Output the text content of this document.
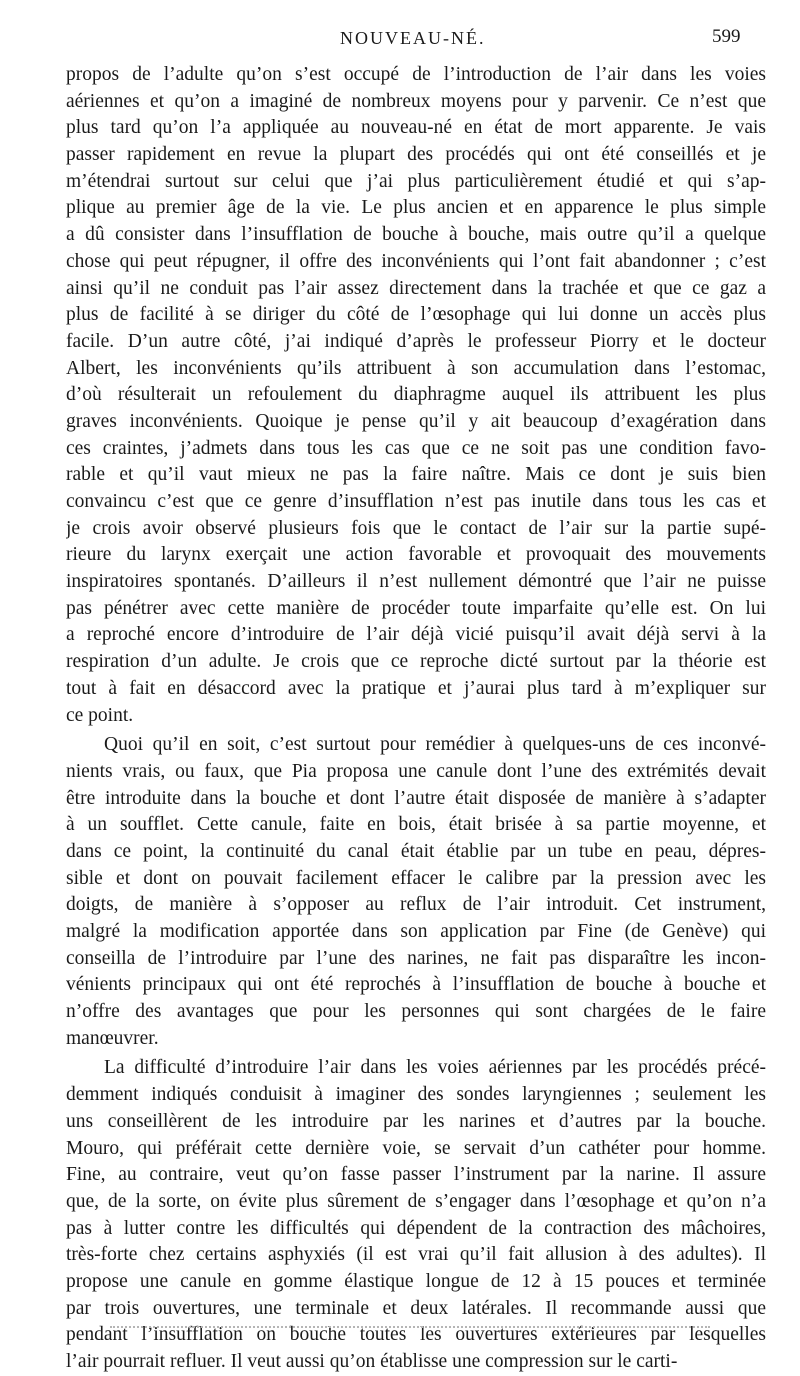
NOUVEAU-NÉ.	599
propos de l’adulte qu’on s’est occupé de l’introduction de l’air dans les voies
aériennes et qu’on a imaginé de nombreux moyens pour y parvenir. Ce n’est que
plus tard qu’on l’a appliquée au nouveau-né en état de mort apparente. Je vais
passer rapidement en revue la plupart des procédés qui ont été conseillés et je
m’étendrai surtout sur celui que j’ai plus particulièrement étudié et qui s’ap-
plique au premier âge de la vie. Le plus ancien et en apparence le plus simple
a dû consister dans l’insufflation de bouche à bouche, mais outre qu’il a quelque
chose qui peut répugner, il offre des inconvénients qui l’ont fait abandonner ; c’est
ainsi qu’il ne conduit pas l’air assez directement dans la trachée et que ce gaz a
plus de facilité à se diriger du côté de l’œsophage qui lui donne un accès plus
facile. D’un autre côté, j’ai indiqué d’après le professeur Piorry et le docteur
Albert, les inconvénients qu’ils attribuent à son accumulation dans l’estomac,
d’où résulterait un refoulement du diaphragme auquel ils attribuent les plus
graves inconvénients. Quoique je pense qu’il y ait beaucoup d’exagération dans
ces craintes, j’admets dans tous les cas que ce ne soit pas une condition favo-
rable et qu’il vaut mieux ne pas la faire naître. Mais ce dont je suis bien
convaincu c’est que ce genre d’insufflation n’est pas inutile dans tous les cas et
je crois avoir observé plusieurs fois que le contact de l’air sur la partie supé-
rieure du larynx exerçait une action favorable et provoquait des mouvements
inspiratoires spontanés. D’ailleurs il n’est nullement démontré que l’air ne puisse
pas pénétrer avec cette manière de procéder toute imparfaite qu’elle est. On lui
a reproché encore d’introduire de l’air déjà vicié puisqu’il avait déjà servi à la
respiration d’un adulte. Je crois que ce reproche dicté surtout par la théorie est
tout à fait en désaccord avec la pratique et j’aurai plus tard à m’expliquer sur
ce point.
Quoi qu’il en soit, c’est surtout pour remédier à quelques-uns de ces inconvé-
nients vrais, ou faux, que Pia proposa une canule dont l’une des extrémités devait
être introduite dans la bouche et dont l’autre était disposée de manière à s’adapter
à un soufflet. Cette canule, faite en bois, était brisée à sa partie moyenne, et
dans ce point, la continuité du canal était établie par un tube en peau, dépres-
sible et dont on pouvait facilement effacer le calibre par la pression avec les
doigts, de manière à s’opposer au reflux de l’air introduit. Cet instrument,
malgré la modification apportée dans son application par Fine (de Genève) qui
conseilla de l’introduire par l’une des narines, ne fait pas disparaître les incon-
vénients principaux qui ont été reprochés à l’insufflation de bouche à bouche et
n’offre des avantages que pour les personnes qui sont chargées de le faire
manœuvrer.
La difficulté d’introduire l’air dans les voies aériennes par les procédés précé-
demment indiqués conduisit à imaginer des sondes laryngiennes ; seulement les
uns conseillèrent de les introduire par les narines et d’autres par la bouche.
Mouro, qui préférait cette dernière voie, se servait d’un cathéter pour homme.
Fine, au contraire, veut qu’on fasse passer l’instrument par la narine. Il assure
que, de la sorte, on évite plus sûrement de s’engager dans l’œsophage et qu’on n’a
pas à lutter contre les difficultés qui dépendent de la contraction des mâchoires,
très-forte chez certains asphyxiés (il est vrai qu’il fait allusion à des adultes). Il
propose une canule en gomme élastique longue de 12 à 15 pouces et terminée
par trois ouvertures, une terminale et deux latérales. Il recommande aussi que
pendant l’insufflation on bouche toutes les ouvertures extérieures par lesquelles
l’air pourrait refluer. Il veut aussi qu’on établisse une compression sur le carti-
